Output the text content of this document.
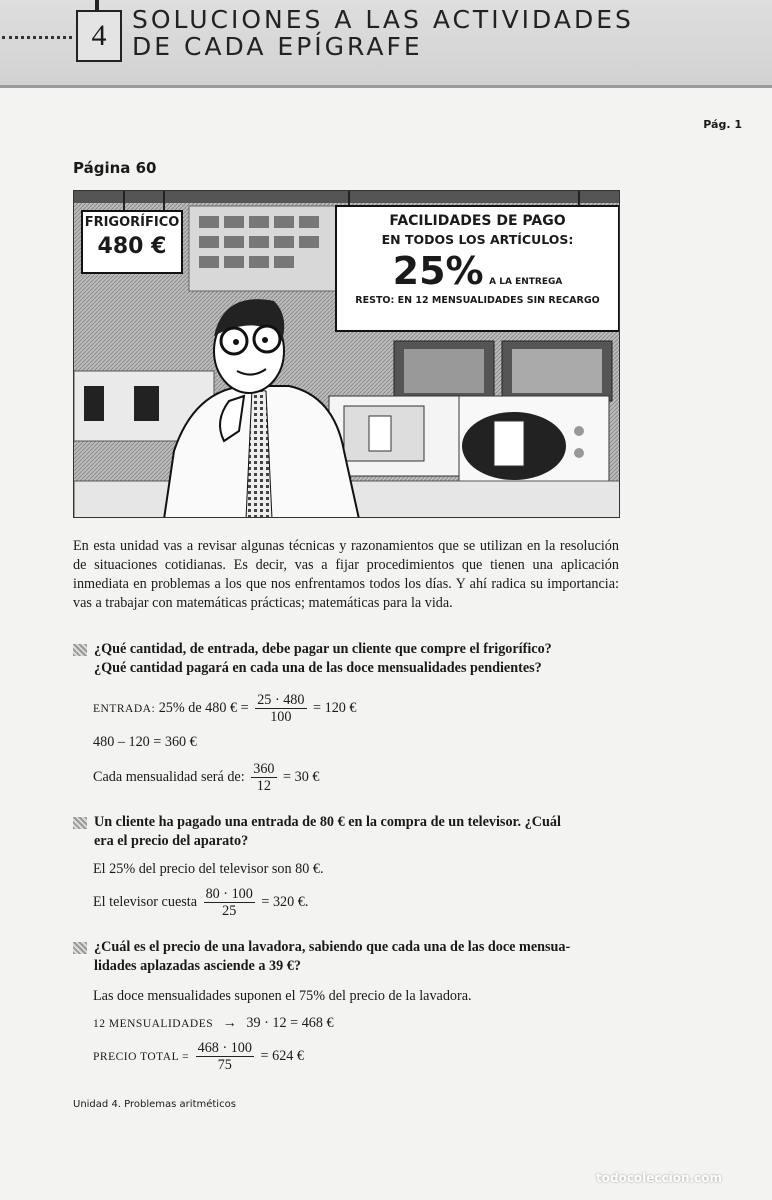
4	SOLUCIONES A LAS ACTIVIDADES
DE CADA EPÍGRAFE
Pág. 1
Página 60
FRIGORÍFICO
480 €
FACILIDADES DE PAGO
EN TODOS LOS ARTÍCULOS:
25% A LA ENTREGA
RESTO: EN 12 MENSUALIDADES SIN RECARGO
En esta unidad vas a revisar algunas técnicas y razonamientos que se utilizan en la resolución de situaciones cotidianas. Es decir, vas a fijar procedimientos que tienen una aplicación inmediata en problemas a los que nos enfrentamos todos los días. Y ahí radica su importancia: vas a trabajar con matemáticas prácticas; matemáticas para la vida.
¿Qué cantidad, de entrada, debe pagar un cliente que compre el frigorífico?
¿Qué cantidad pagará en cada una de las doce mensualidades pendientes?
ENTRADA: 25% de 480 € = $\frac{25 \cdot 480}{100} = 120$ €
480 – 120 = 360 €
Cada mensualidad será de: $\frac{360}{12} = 30$ €
Un cliente ha pagado una entrada de 80 € en la compra de un televisor. ¿Cuál
era el precio del aparato?
El 25% del precio del televisor son 80 €.
El televisor cuesta $\frac{80 \cdot 100}{25} = 320$ €.
¿Cuál es el precio de una lavadora, sabiendo que cada una de las doce mensua-
lidades aplazadas asciende a 39 €?
Las doce mensualidades suponen el 75% del precio de la lavadora.
12 MENSUALIDADES → 39 · 12 = 468 €
PRECIO TOTAL = $\frac{468 \cdot 100}{75} = 624$ €
Unidad 4. Problemas aritméticos
todocoleccion.com
